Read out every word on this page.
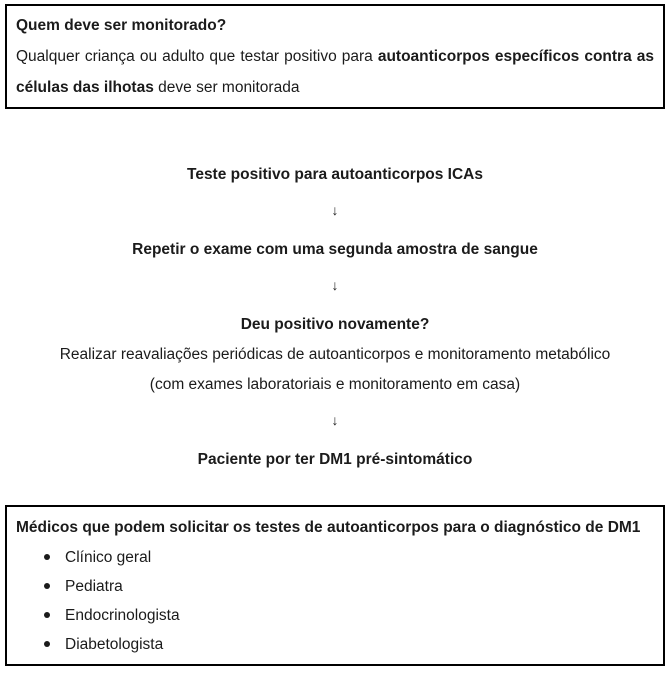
Quem deve ser monitorado?

Qualquer criança ou adulto que testar positivo para autoanticorpos específicos contra as células das ilhotas deve ser monitorada

Teste positivo para autoanticorpos ICAs
↓
Repetir o exame com uma segunda amostra de sangue
↓
Deu positivo novamente?
Realizar reavaliações periódicas de autoanticorpos e monitoramento metabólico
(com exames laboratoriais e monitoramento em casa)
↓
Paciente por ter DM1 pré-sintomático
Médicos que podem solicitar os testes de autoanticorpos para o diagnóstico de DM1
Clínico geral
Pediatra
Endocrinologista
Diabetologista
